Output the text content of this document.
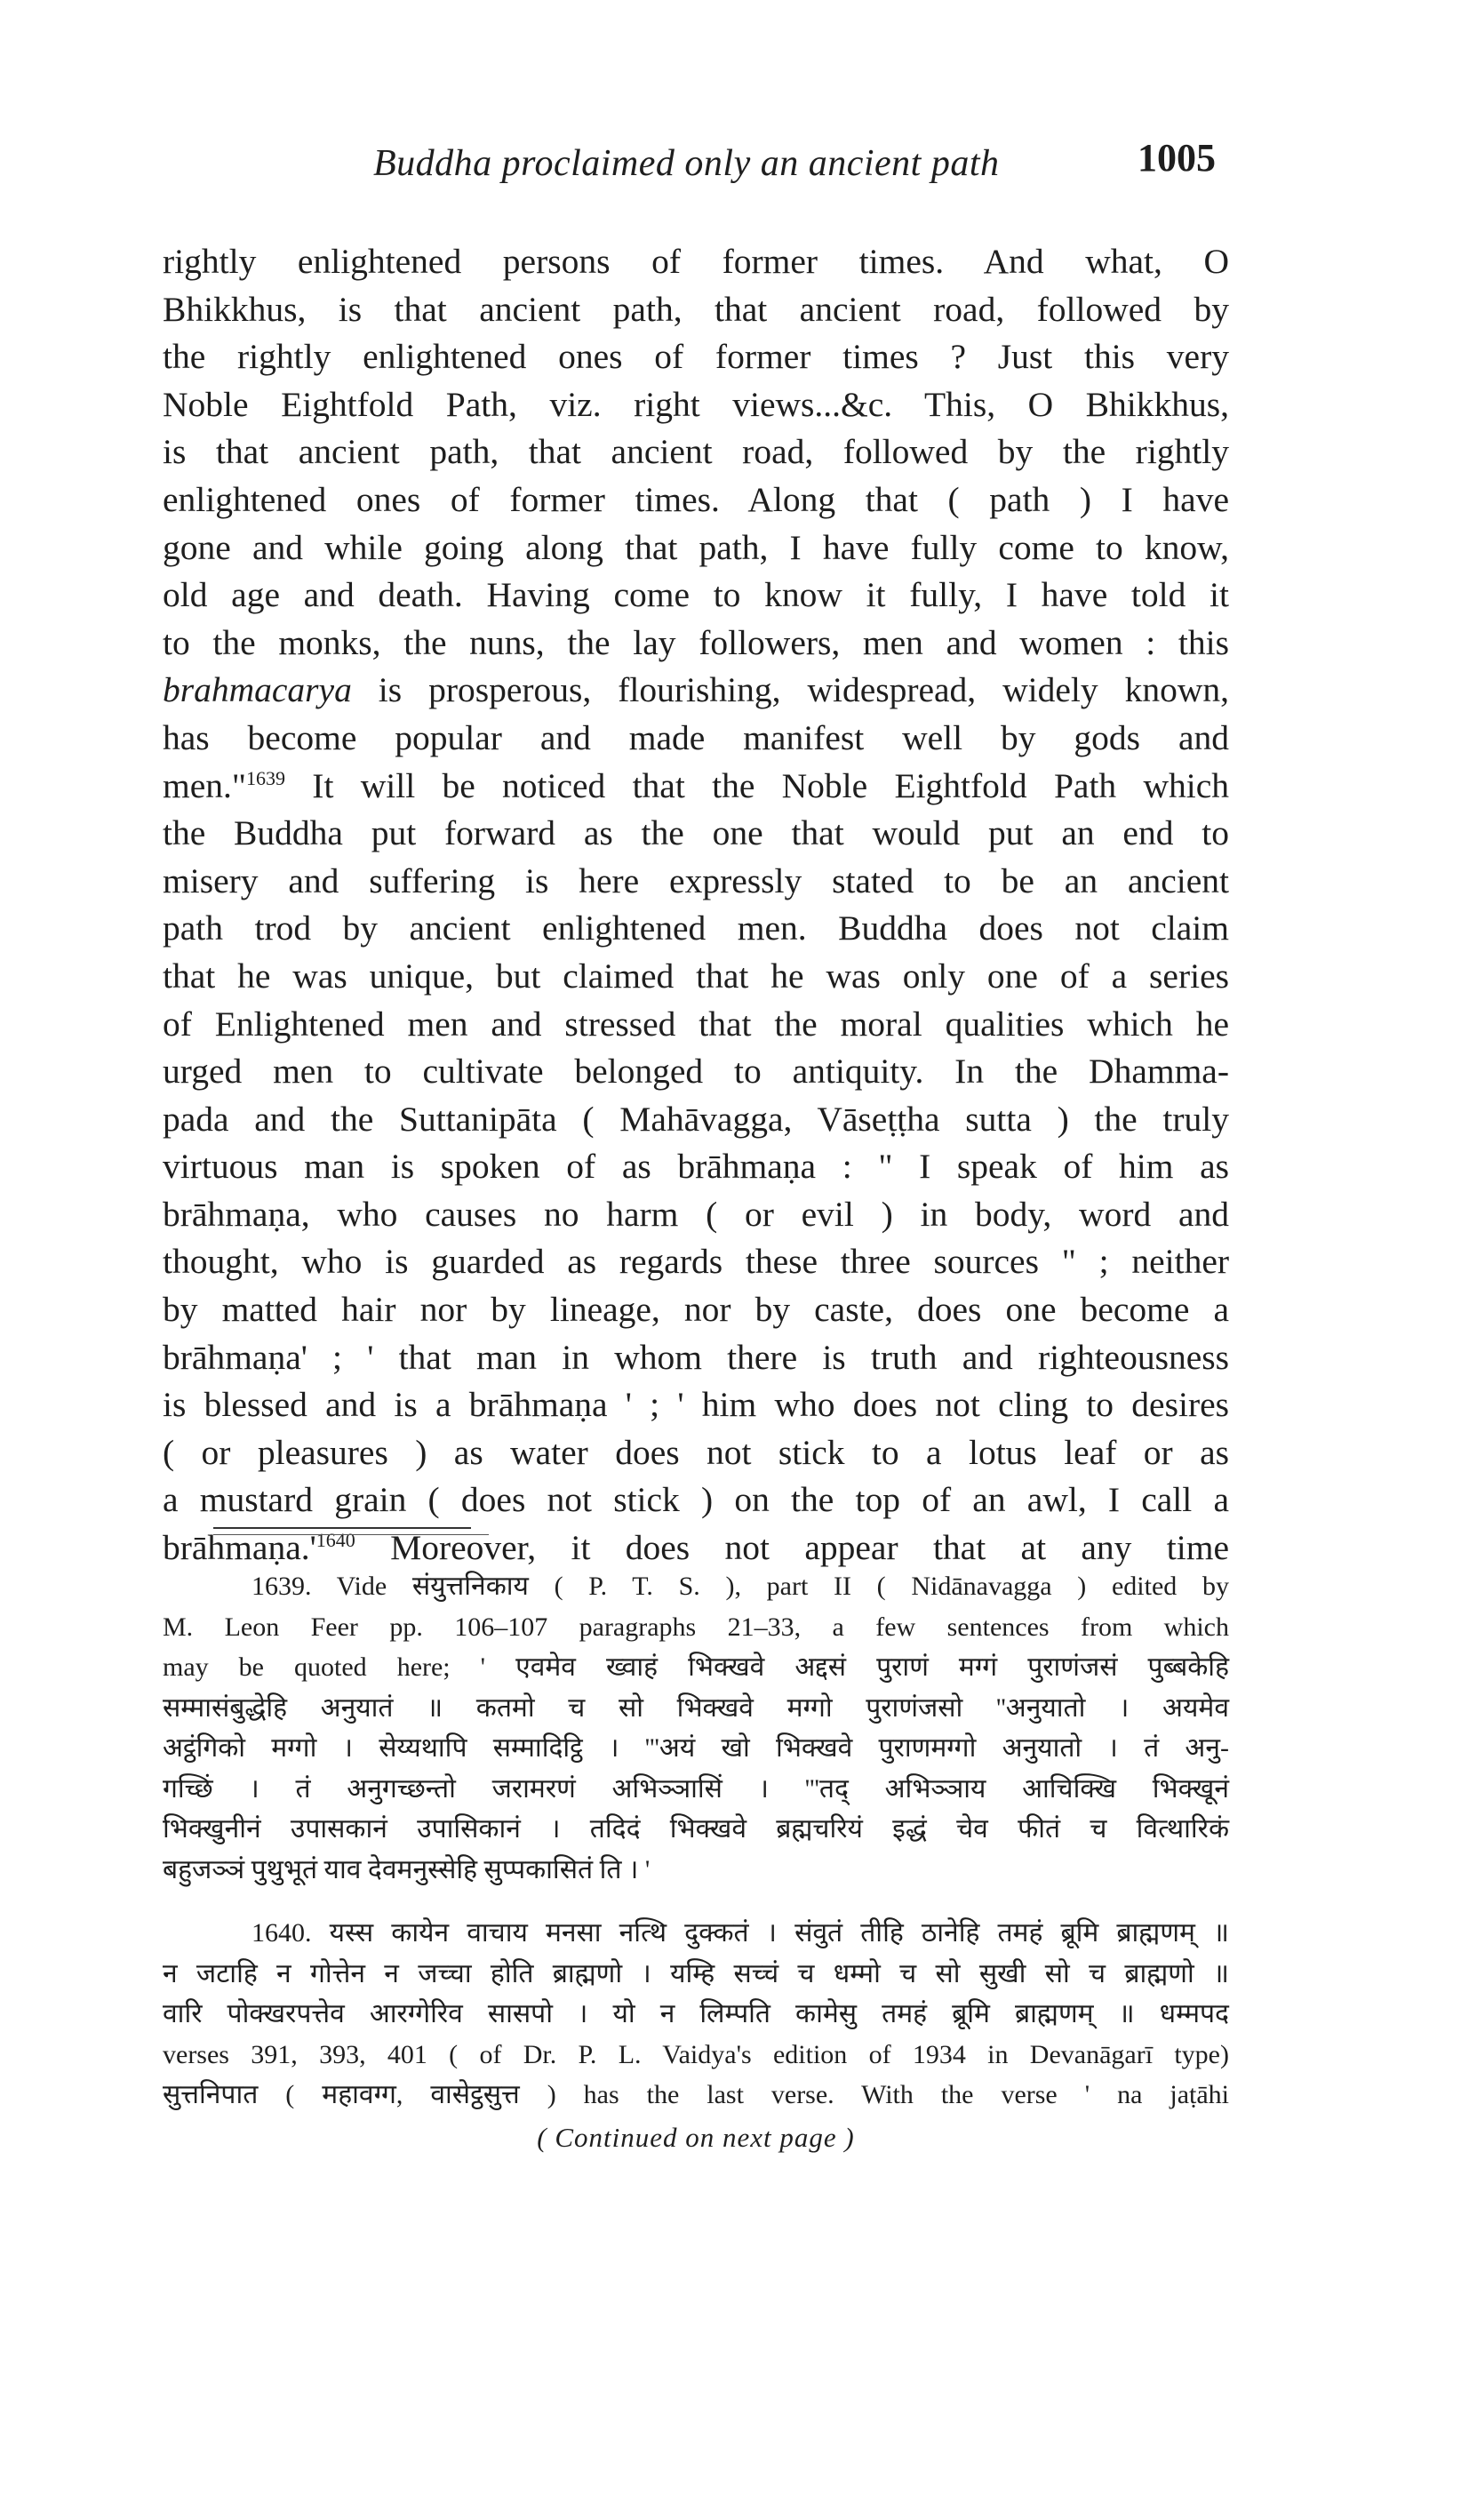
Buddha proclaimed only an ancient path	1005
rightly enlightened persons of former times. And what, O
Bhikkhus, is that ancient path, that ancient road, followed by
the rightly enlightened ones of former times ? Just this very
Noble Eightfold Path, viz. right views...&c. This, O Bhikkhus,
is that ancient path, that ancient road, followed by the rightly
enlightened ones of former times. Along that ( path ) I have
gone and while going along that path, I have fully come to know,
old age and death. Having come to know it fully, I have told it
to the monks, the nuns, the lay followers, men and women : this
brahmacarya is prosperous, flourishing, widespread, widely known,
has become popular and made manifest well by gods and
men."$^{1639}$ It will be noticed that the Noble Eightfold Path which
the Buddha put forward as the one that would put an end to
misery and suffering is here expressly stated to be an ancient
path trod by ancient enlightened men. Buddha does not claim
that he was unique, but claimed that he was only one of a series
of Enlightened men and stressed that the moral qualities which he
urged men to cultivate belonged to antiquity. In the Dhamma-
pada and the Suttanipāta ( Mahāvagga, Vāseṭṭha sutta ) the truly
virtuous man is spoken of as brāhmaṇa : " I speak of him as
brāhmaṇa, who causes no harm ( or evil ) in body, word and
thought, who is guarded as regards these three sources " ; neither
by matted hair nor by lineage, nor by caste, does one become a
brāhmaṇa' ; ' that man in whom there is truth and righteousness
is blessed and is a brāhmaṇa ' ; ' him who does not cling to desires
( or pleasures ) as water does not stick to a lotus leaf or as
a mustard grain ( does not stick ) on the top of an awl, I call a
$brāhmaṇa.'^{1640}$ Moreover, it does not appear that at any time
1639. Vide संयुत्तनिकाय ( P. T. S. ), part II ( Nidānavagga ) edited by
M. Leon Feer pp. 106–107 paragraphs 21–33, a few sentences from which
may be quoted here; ' एवमेव ख्वाहं भिक्खवे अद्दसं पुराणं मग्गं पुराणंजसं पुब्बकेहि
सम्मासंबुद्धेहि अनुयातं ॥ कतमो च सो भिक्खवे मग्गो पुराणंजसो ''अनुयातो । अयमेव
अट्ठंगिको मग्गो । सेय्यथापि सम्मादिट्ठि । '''अयं खो भिक्खवे पुराणमग्गो अनुयातो । तं अनु-
गच्छिं । तं अनुगच्छन्तो जरामरणं अभिञ्ञासिं । '''तद् अभिञ्ञाय आचिक्खि भिक्खूनं
भिक्खुनीनं उपासकानं उपासिकानं । तदिदं भिक्खवे ब्रह्मचरियं इद्धं चेव फीतं च वित्थारिकं
बहुजञ्ञं पुथुभूतं याव देवमनुस्सेहि सुप्पकासितं ति । '
1640. यस्स कायेन वाचाय मनसा नत्थि दुक्कतं । संवुतं तीहि ठानेहि तमहं ब्रूमि ब्राह्मणम् ॥
न जटाहि न गोत्तेन न जच्चा होति ब्राह्मणो । यम्हि सच्चं च धम्मो च सो सुखी सो च ब्राह्मणो ॥
वारि पोक्खरपत्तेव आरग्गेरिव सासपो । यो न लिम्पति कामेसु तमहं ब्रूमि ब्राह्मणम् ॥ धम्मपद
verses 391, 393, 401 ( of Dr. P. L. Vaidya's edition of 1934 in Devanāgarī type)
सुत्तनिपात ( महावग्ग, वासेट्ठसुत्त ) has the last verse. With the verse ' na jaṭāhi
( Continued on next page )
